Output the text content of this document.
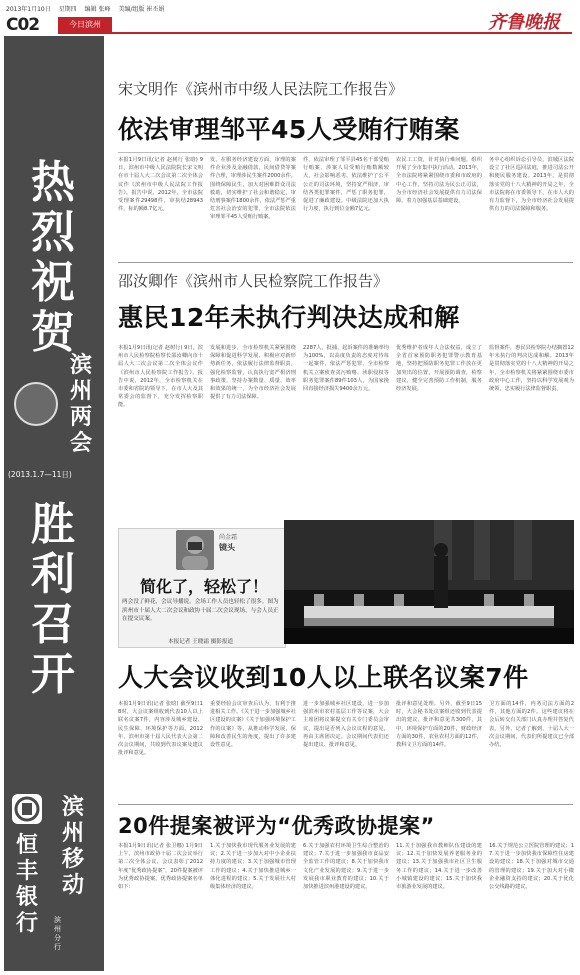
2013年1月10日 星期四 编辑 张峰 美编/组版 崔丕娟
C02	今日滨州	齐鲁晚报
热烈祝贺
滨州两会
(2013.1.7—11日)
胜利召开
恒丰银行
滨州移动
滨州分行
宋文明作《滨州市中级人民法院工作报告》
依法审理邹平45人受贿行贿案
本报1月9日讯(记者 赵树行 张晗) 9日，滨州市中级人民法院院长宋文明在市十届人大二次会议第二次全体会议作《滨州市中级人民法院工作报告》。报告中说，2012年，全市法院受理案件29498件，审执结28943件，标的额8.7亿元。
发，在服务经济建设方面，审理的案件企业涉及金融借款，民间借贷等案件合理，审理涉民生案件2000余件。围绕保障民生，加大对困难群众司法救助，切实维护了社会和谐稳定，审结刑事案件1800余件，依法严惩严重危害社会治安的犯罪，全市法院依法审理邹平45人受贿行贿案。
件，依法审理了邹平县45名干部受贿行贿案，涉案人员受贿行贿数额较大，社会影响恶劣。依法维护了公平公正的司法环境，坚持宽严相济，审结各类犯罪案件，严惩了职务犯罪，促进了廉政建设。中级法院还加大执行力度，执行到位金额7亿元。
农民工工资，针对执行难问题，组织开展了全市集中执行活动。2013年，全市法院将紧紧围绕市委和市政府的中心工作，坚持司法为民公正司法，为全市经济社会发展提供有力司法保障，着力加强基层基础建设。
务中心组织诉讼引导员，滨城区法院设立了社区巡回法庭，推进司法公开和便民服务建设。2013年，是贯彻落实党的十八大精神的开局之年，全市法院将在市委领导下，在市人大的有力监督下，为全市经济社会发展提供有力的司法保障和服务。
邵汝卿作《滨州市人民检察院工作报告》
惠民12年未执行判决达成和解
本报1月9日讯(记者 赵树行) 9日，滨州市人民检察院检察长邵汝卿向市十届人大二次会议第二次全体会议作《滨州市人民检察院工作报告》。报告中说，2012年，全市检察机关在市委和省院的领导下，在市人大及其常委会的监督下，充分发挥检察职能。
发展和进步，全市检察机关紧紧围绕保障和促进科学发展，积极应对新形势新任务，依法履行法律监督职责，强化检察监督，认真执行宽严相济刑事政策，坚持办案数量、质量、效率和效果的统一，为全市经济社会发展提供了有力司法保障。
2287人，批捕、起诉案件的准确率均为100%，以高度负责的态度对待每一起案件，依法严惩犯罪，全市检察机关立案侦查贪污贿赂、渎职侵权等职务犯罪案件89件103人，为国家挽回直接经济损失9400余万元。
优秀维护者成年人合法权益，成立了全省首家预防职务犯罪警示教育基地，坚持把预防职务犯罪工作放在更加突出的位置，开展预防调查，检察建议，健全完善预防工作机制，服务经济发展。
监督案件，惠民县检察院办结搁置12年未执行的判决达成和解。2013年是贯彻落实党的十八大精神的开局之年，全市检察机关将紧紧围绕市委市政府中心工作，坚持以科学发展观为统领，忠实履行法律监督职责。
尚金霜
镜头
简化了，轻松了！
两会没了鲜花，会议导播说，会场工作人员也轻松了很多。图为滨州市十届人大二次会议和政协十届二次会议现场，与会人员正在提交议案。
本报记者 王晓霜 摄影报道
人大会议收到10人以上联名议案7件
本报1月9日讯(记者 张晗) 截至9日18时，大会议案组收到代表10人以上联名议案7件，内容涉及城乡建设、民生保障、环境保护等方面。2012年，滨州市第十届人民代表大会第二次会议期间，共收到代表议案及建议批评和意见。
重要经验会议审查后认为，有利于推进相关工作。《关于进一步加强城乡社区建设的议案》《关于加强环境保护工作的议案》等，从推动科学发展、保障和改善民生的角度，提出了许多建设性意见。
进一步加强城乡社区建设，进一步加强滨州市农村基层工作等议案，大会主席团将议案提交有关专门委员会审议，提出是否列入会议议程的意见，再由主席团决定。会议期间代表们还提出建议、批评和意见。
批评和意见处理。另外，截至9日15时，大会秘书处议案组还收到代表提出的建议、批评和意见共300件，其中，环境保护方面的20件，财政经济方面的30件，农业农村方面的12件，教科文卫方面的14件。
卫方面的14件，内务司法方面的2件，其他方面的2件。这些建议将在会后转交有关部门认真办理并答复代表。另外，记者了解到，十届人大一次会议期间，代表们所提建议已全部办结。
20件提案被评为“优秀政协提案”
本报1月9日讯(记者 张卫娜) 1月9日上午，滨州市政协十届二次会议举行第二次全体会议，会议表彰了2012年度“优秀政协提案”，20件提案被评为优秀政协提案。优秀政协提案名单如下：
1.关于加快我市现代服务业发展的建议；2.关于进一步加大对中小企业扶持力度的建议；3.关于加强城市管理工作的建议；4.关于加快推进城乡一体化进程的建议；5.关于发展壮大村级集体经济的建议。
6.关于加强农村环境卫生综合整治的建议；7.关于进一步加强我市食品安全监管工作的建议；8.关于加快我市文化产业发展的建议；9.关于进一步发展我市职业教育的建议；10.关于加快推进滨州港建设的建议。
11.关于加强我市教师队伍建设的建议；12.关于加快发展养老服务业的建议；13.关于加强我市社区卫生服务工作的建议；14.关于进一步改善小城镇建设的建议；15.关于加快我市旅游业发展的建议。
16.关于规范公立医院管理的建议；17.关于进一步加快我市保障性住房建设的建议；18.关于加强对城市交通的管理的建议；19.关于加大对小微企业融资支持的建议；20.关于优化公交线路的建议。
